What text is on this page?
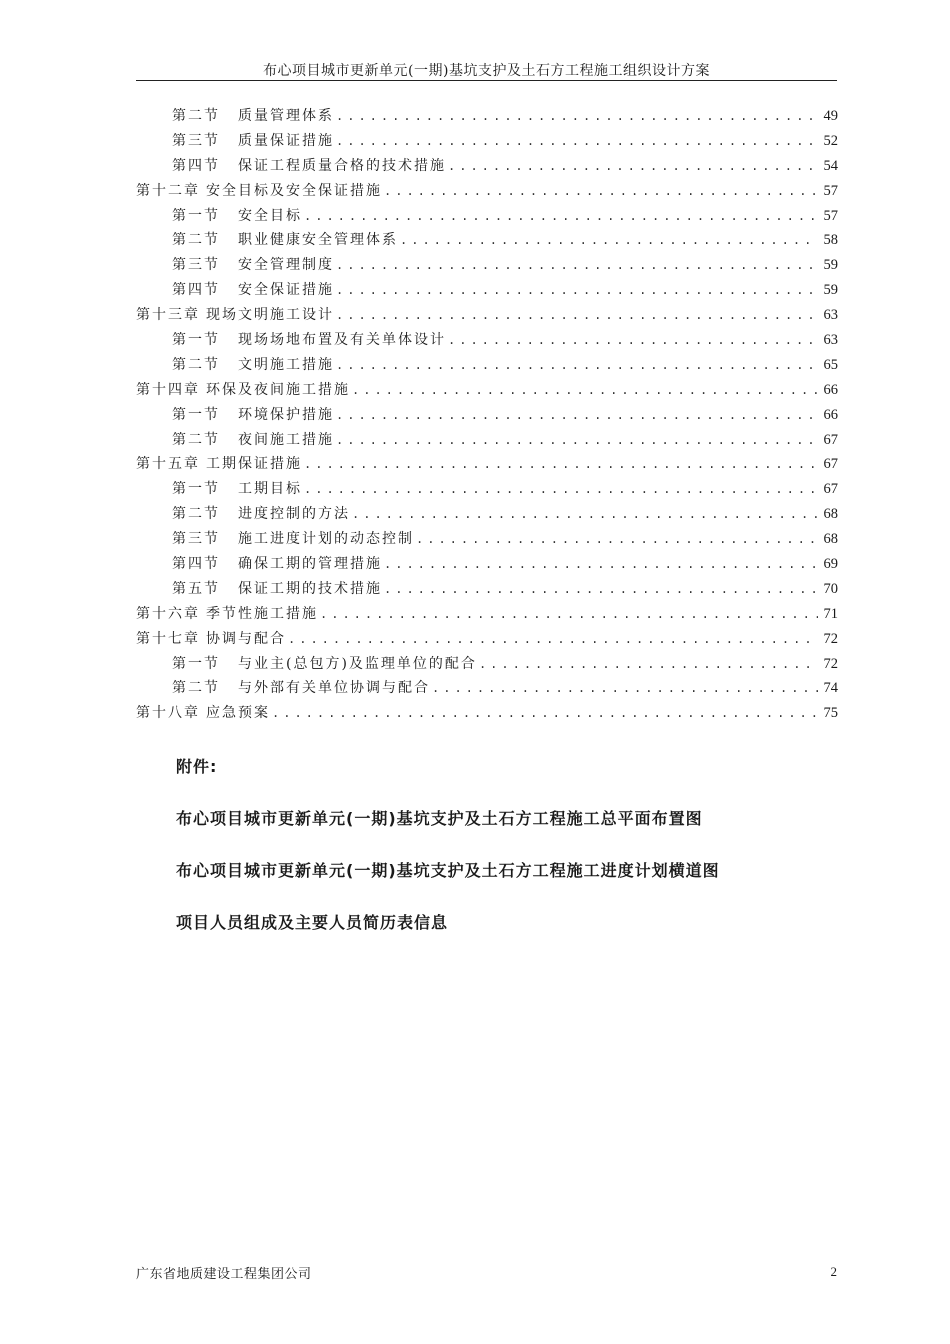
布心项目城市更新单元(一期)基坑支护及土石方工程施工组织设计方案
第二节	质量管理体系 .....	49
第三节	质量保证措施 .....	52
第四节	保证工程质量合格的技术措施 .....	54
第十二章 安全目标及安全保证措施 .....	57
第一节	安全目标 .....	57
第二节	职业健康安全管理体系 .....	58
第三节	安全管理制度 .....	59
第四节	安全保证措施 .....	59
第十三章 现场文明施工设计 .....	63
第一节	现场场地布置及有关单体设计 .....	63
第二节	文明施工措施 .....	65
第十四章 环保及夜间施工措施 .....	66
第一节	环境保护措施 .....	66
第二节	夜间施工措施 .....	67
第十五章 工期保证措施 .....	67
第一节	工期目标 .....	67
第二节	进度控制的方法 .....	68
第三节	施工进度计划的动态控制 .....	68
第四节	确保工期的管理措施 .....	69
第五节	保证工期的技术措施 .....	70
第十六章 季节性施工措施 .....	71
第十七章 协调与配合 .....	72
第一节	与业主(总包方)及监理单位的配合 .....	72
第二节	与外部有关单位协调与配合 .....	74
第十八章 应急预案 .....	75
附件:
布心项目城市更新单元(一期)基坑支护及土石方工程施工总平面布置图
布心项目城市更新单元(一期)基坑支护及土石方工程施工进度计划横道图
项目人员组成及主要人员简历表信息
广东省地质建设工程集团公司	2
